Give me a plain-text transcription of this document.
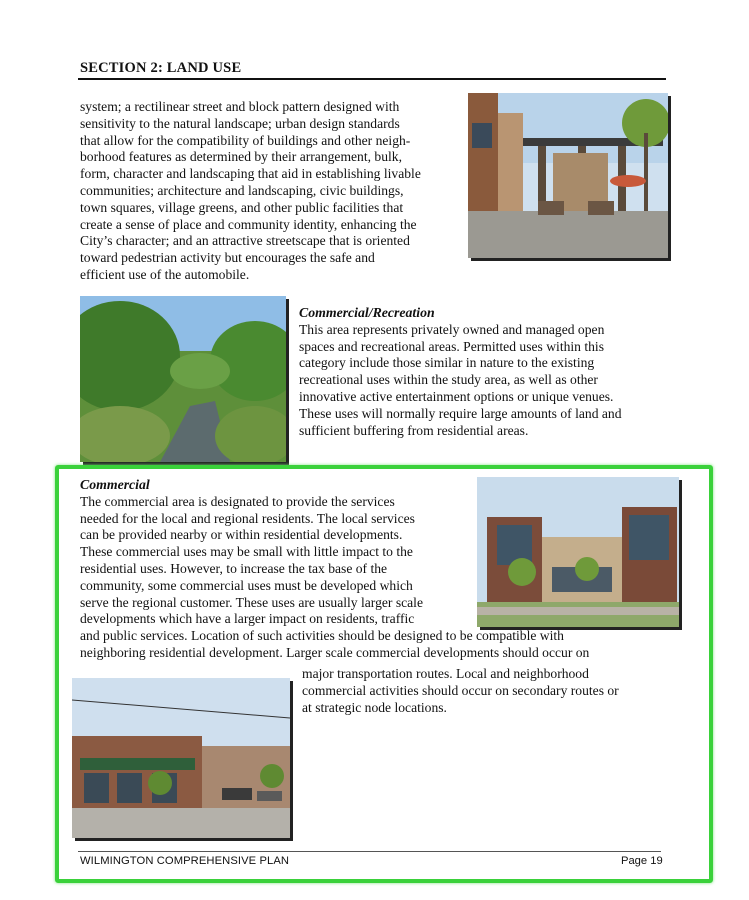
SECTION 2: LAND USE
system; a rectilinear street and block pattern designed with
sensitivity to the natural landscape; urban design standards
that allow for the compatibility of buildings and other neigh-
borhood features as determined by their arrangement, bulk,
form, character and landscaping that aid in establishing livable
communities; architecture and landscaping, civic buildings,
town squares, village greens, and other public facilities that
create a sense of place and community identity, enhancing the
City’s character; and an attractive streetscape that is oriented
toward pedestrian activity but encourages the safe and
efficient use of the automobile.
Commercial/Recreation
This area represents privately owned and managed open
spaces and recreational areas. Permitted uses within this
category include those similar in nature to the existing
recreational uses within the study area, as well as other
innovative active entertainment options or unique venues.
These uses will normally require large amounts of land and
sufficient buffering from residential areas.
Commercial
The commercial area is designated to provide the services
needed for the local and regional residents. The local services
can be provided nearby or within residential developments.
These commercial uses may be small with little impact to the
residential uses. However, to increase the tax base of the
community, some commercial uses must be developed which
serve the regional customer. These uses are usually larger scale
developments which have a larger impact on residents, traffic
and public services. Location of such activities should be designed to be compatible with
neighboring residential development. Larger scale commercial developments should occur on
major transportation routes. Local and neighborhood
commercial activities should occur on secondary routes or
at strategic node locations.
WILMINGTON COMPREHENSIVE PLAN	Page 19
